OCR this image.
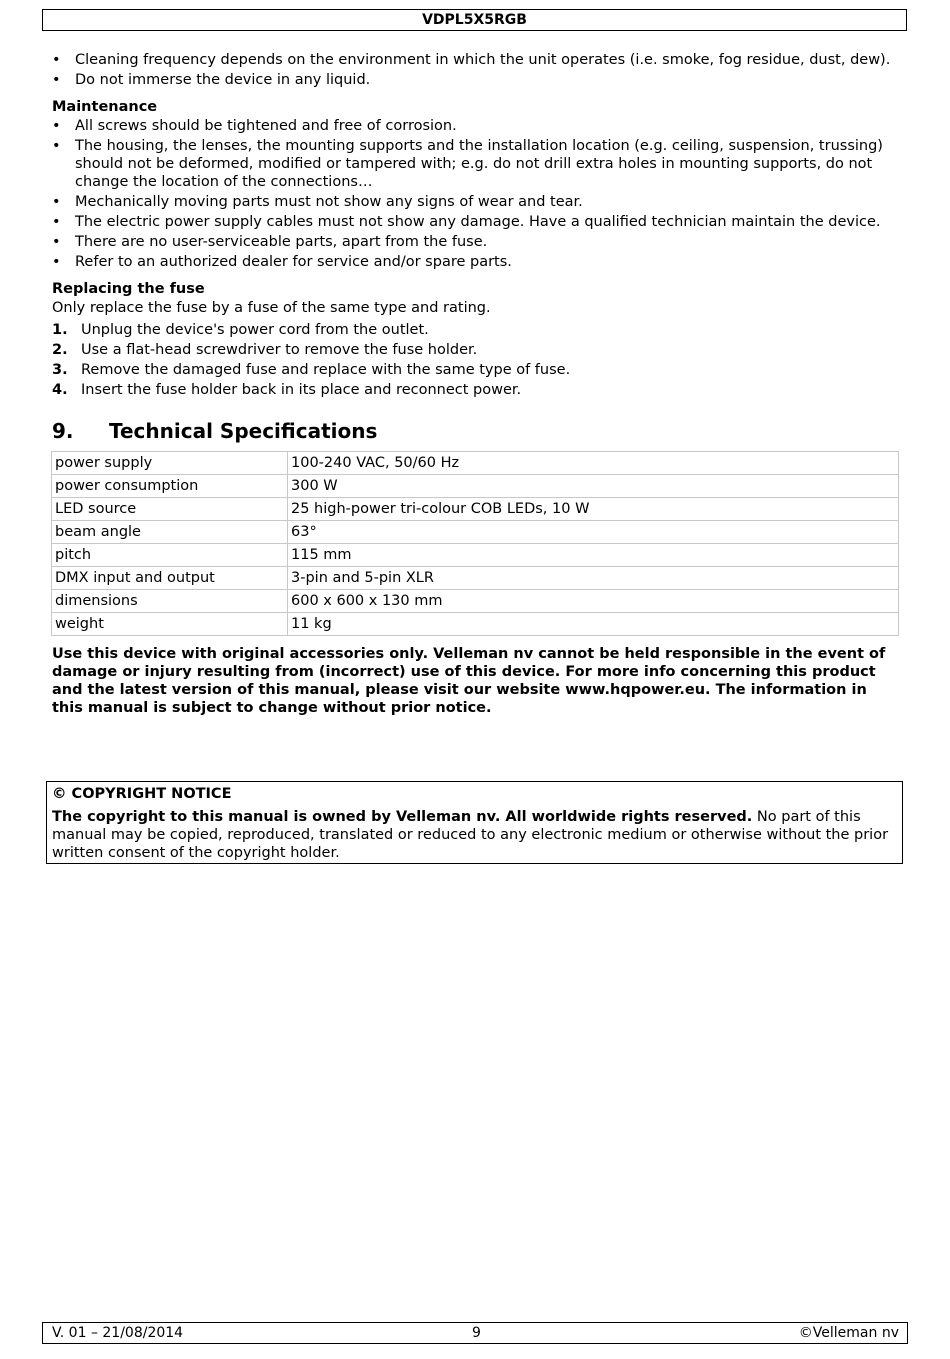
VDPL5X5RGB
• Cleaning frequency depends on the environment in which the unit operates (i.e. smoke, fog residue, dust, dew).
• Do not immerse the device in any liquid.
Maintenance
• All screws should be tightened and free of corrosion.
• The housing, the lenses, the mounting supports and the installation location (e.g. ceiling, suspension, trussing) should not be deformed, modified or tampered with; e.g. do not drill extra holes in mounting supports, do not change the location of the connections…
• Mechanically moving parts must not show any signs of wear and tear.
• The electric power supply cables must not show any damage. Have a qualified technician maintain the device.
• There are no user-serviceable parts, apart from the fuse.
• Refer to an authorized dealer for service and/or spare parts.
Replacing the fuse
Only replace the fuse by a fuse of the same type and rating.
1. Unplug the device's power cord from the outlet.
2. Use a flat-head screwdriver to remove the fuse holder.
3. Remove the damaged fuse and replace with the same type of fuse.
4. Insert the fuse holder back in its place and reconnect power.
9. Technical Specifications
power supply	100-240 VAC, 50/60 Hz
power consumption	300 W
LED source	25 high-power tri-colour COB LEDs, 10 W
beam angle	63°
pitch	115 mm
DMX input and output	3-pin and 5-pin XLR
dimensions	600 x 600 x 130 mm
weight	11 kg
Use this device with original accessories only. Velleman nv cannot be held responsible in the event of damage or injury resulting from (incorrect) use of this device. For more info concerning this product and the latest version of this manual, please visit our website www.hqpower.eu. The information in this manual is subject to change without prior notice.
© COPYRIGHT NOTICE
The copyright to this manual is owned by Velleman nv. All worldwide rights reserved. No part of this manual may be copied, reproduced, translated or reduced to any electronic medium or otherwise without the prior written consent of the copyright holder.
V. 01 – 21/08/2014	9	©Velleman nv
